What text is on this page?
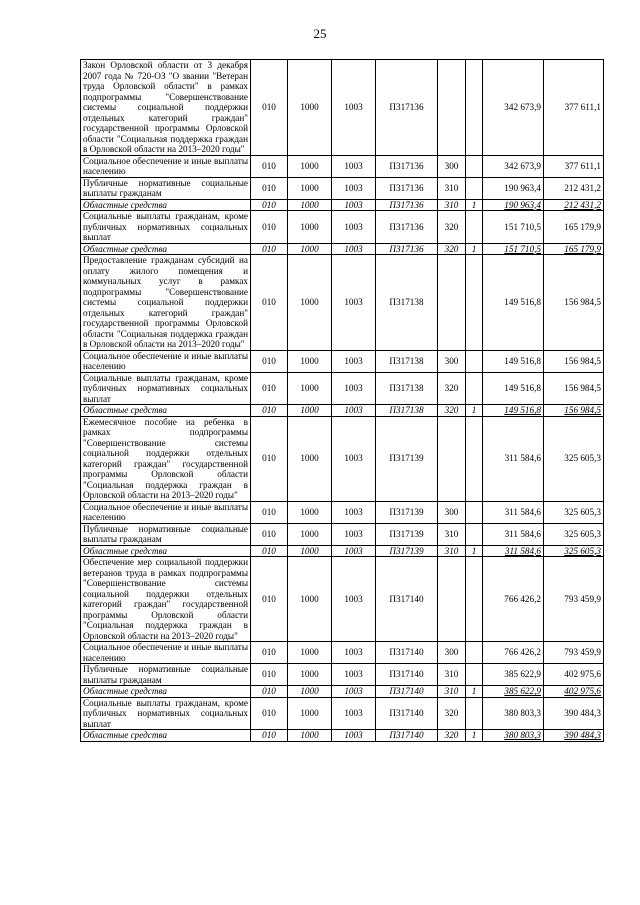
25
Закон Орловской области от 3 декабря 2007 года № 720-ОЗ "О звании "Ветеран труда Орловской области" в рамках подпрограммы "Совершенствование системы социальной поддержки отдельных категорий граждан" государственной программы Орловской области "Социальная поддержка граждан в Орловской области на 2013–2020 годы"	010	1000	1003	П317136			342 673,9	377 611,1
Социальное обеспечение и иные выплаты населению	010	1000	1003	П317136	300		342 673,9	377 611,1
Публичные нормативные социальные выплаты гражданам	010	1000	1003	П317136	310		190 963,4	212 431,2
Областные средства	010	1000	1003	П317136	310	1	190 963,4	212 431,2
Социальные выплаты гражданам, кроме публичных нормативных социальных выплат	010	1000	1003	П317136	320		151 710,5	165 179,9
Областные средства	010	1000	1003	П317136	320	1	151 710,5	165 179,9
Предоставление гражданам субсидий на оплату жилого помещения и коммунальных услуг в рамках подпрограммы "Совершенствование системы социальной поддержки отдельных категорий граждан" государственной программы Орловской области "Социальная поддержка граждан в Орловской области на 2013–2020 годы"	010	1000	1003	П317138			149 516,8	156 984,5
Социальное обеспечение и иные выплаты населению	010	1000	1003	П317138	300		149 516,8	156 984,5
Социальные выплаты гражданам, кроме публичных нормативных социальных выплат	010	1000	1003	П317138	320		149 516,8	156 984,5
Областные средства	010	1000	1003	П317138	320	1	149 516,8	156 984,5
Ежемесячное пособие на ребенка в рамках подпрограммы "Совершенствование системы социальной поддержки отдельных категорий граждан" государственной программы Орловской области "Социальная поддержка граждан в Орловской области на 2013–2020 годы"	010	1000	1003	П317139			311 584,6	325 605,3
Социальное обеспечение и иные выплаты населению	010	1000	1003	П317139	300		311 584,6	325 605,3
Публичные нормативные социальные выплаты гражданам	010	1000	1003	П317139	310		311 584,6	325 605,3
Областные средства	010	1000	1003	П317139	310	1	311 584,6	325 605,3
Обеспечение мер социальной поддержки ветеранов труда в рамках подпрограммы "Совершенствование системы социальной поддержки отдельных категорий граждан" государственной программы Орловской области "Социальная поддержка граждан в Орловской области на 2013–2020 годы"	010	1000	1003	П317140			766 426,2	793 459,9
Социальное обеспечение и иные выплаты населению	010	1000	1003	П317140	300		766 426,2	793 459,9
Публичные нормативные социальные выплаты гражданам	010	1000	1003	П317140	310		385 622,9	402 975,6
Областные средства	010	1000	1003	П317140	310	1	385 622,9	402 975,6
Социальные выплаты гражданам, кроме публичных нормативных социальных выплат	010	1000	1003	П317140	320		380 803,3	390 484,3
Областные средства	010	1000	1003	П317140	320	1	380 803,3	390 484,3
